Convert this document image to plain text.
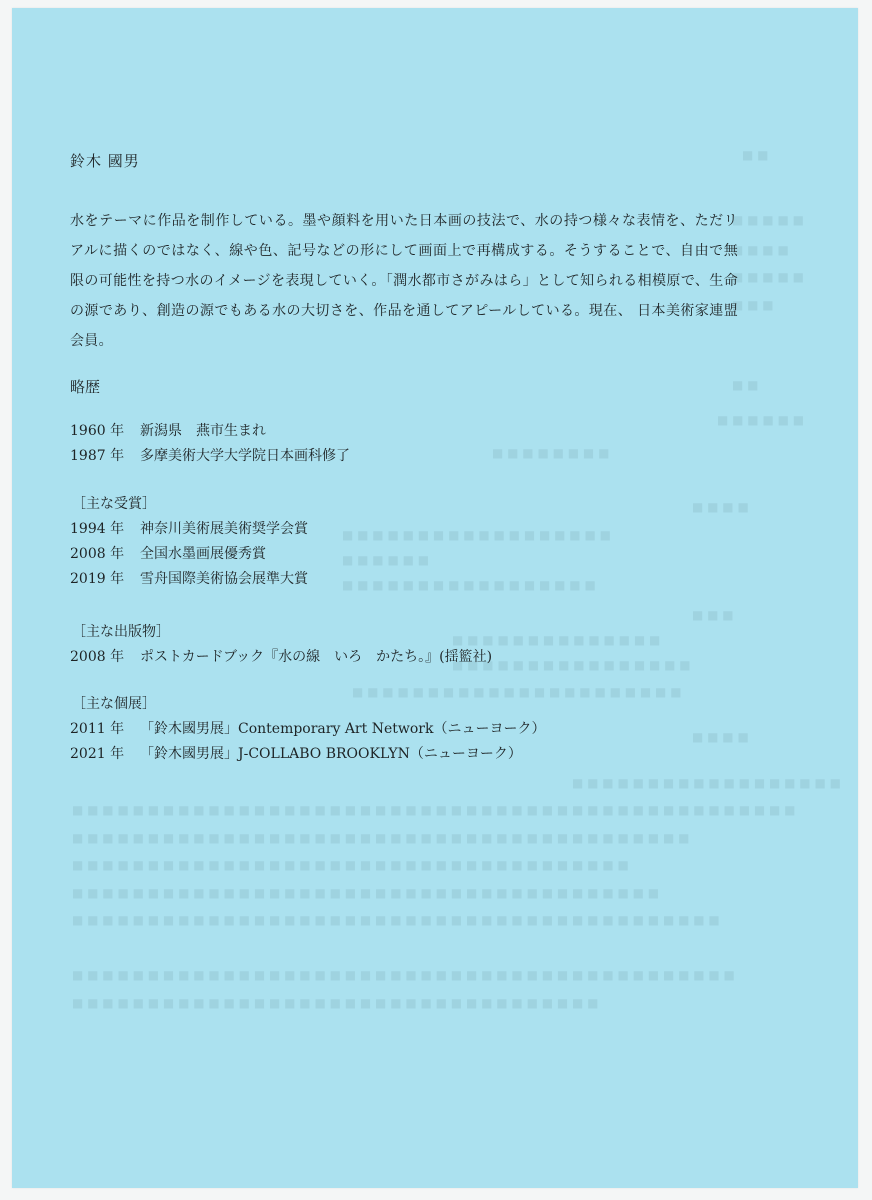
■ ■
■ ■ ■ ■ ■
■ ■ ■ ■
■ ■ ■ ■ ■
■ ■ ■
■ ■
■ ■ ■ ■ ■ ■
■ ■ ■ ■ ■ ■ ■ ■
■ ■ ■ ■
■ ■ ■ ■ ■ ■ ■ ■ ■ ■ ■ ■ ■ ■ ■ ■ ■ ■
■ ■ ■ ■ ■ ■
■ ■ ■ ■ ■ ■ ■ ■ ■ ■ ■ ■ ■ ■ ■ ■ ■
■ ■ ■
■ ■ ■ ■ ■ ■ ■ ■ ■ ■ ■ ■ ■ ■
■ ■ ■ ■ ■ ■ ■ ■ ■ ■ ■ ■ ■ ■ ■ ■
■ ■ ■ ■ ■ ■ ■ ■ ■ ■ ■ ■ ■ ■ ■ ■ ■ ■ ■ ■ ■ ■
■ ■ ■ ■
■ ■ ■ ■ ■ ■ ■ ■ ■ ■ ■ ■ ■ ■ ■ ■ ■ ■
■ ■ ■ ■ ■ ■ ■ ■ ■ ■ ■ ■ ■ ■ ■ ■ ■ ■ ■ ■ ■ ■ ■ ■ ■ ■ ■ ■ ■ ■ ■ ■ ■ ■ ■ ■ ■ ■ ■ ■ ■ ■ ■ ■ ■ ■ ■ ■
■ ■ ■ ■ ■ ■ ■ ■ ■ ■ ■ ■ ■ ■ ■ ■ ■ ■ ■ ■ ■ ■ ■ ■ ■ ■ ■ ■ ■ ■ ■ ■ ■ ■ ■ ■ ■ ■ ■ ■ ■
■ ■ ■ ■ ■ ■ ■ ■ ■ ■ ■ ■ ■ ■ ■ ■ ■ ■ ■ ■ ■ ■ ■ ■ ■ ■ ■ ■ ■ ■ ■ ■ ■ ■ ■ ■ ■
■ ■ ■ ■ ■ ■ ■ ■ ■ ■ ■ ■ ■ ■ ■ ■ ■ ■ ■ ■ ■ ■ ■ ■ ■ ■ ■ ■ ■ ■ ■ ■ ■ ■ ■ ■ ■ ■ ■
■ ■ ■ ■ ■ ■ ■ ■ ■ ■ ■ ■ ■ ■ ■ ■ ■ ■ ■ ■ ■ ■ ■ ■ ■ ■ ■ ■ ■ ■ ■ ■ ■ ■ ■ ■ ■ ■ ■ ■ ■ ■ ■
■ ■ ■ ■ ■ ■ ■ ■ ■ ■ ■ ■ ■ ■ ■ ■ ■ ■ ■ ■ ■ ■ ■ ■ ■ ■ ■ ■ ■ ■ ■ ■ ■ ■ ■ ■ ■ ■ ■ ■ ■ ■ ■ ■
■ ■ ■ ■ ■ ■ ■ ■ ■ ■ ■ ■ ■ ■ ■ ■ ■ ■ ■ ■ ■ ■ ■ ■ ■ ■ ■ ■ ■ ■ ■ ■ ■ ■ ■
鈴木 國男
水をテーマに作品を制作している。墨や顔料を用いた日本画の技法で、水の持つ様々な表情を、ただリアルに描くのではなく、線や色、記号などの形にして画面上で再構成する。そうすることで、自由で無限の可能性を持つ水のイメージを表現していく。「潤水都市さがみはら」として知られる相模原で、生命の源であり、創造の源でもある水の大切さを、作品を通してアピールしている。現在、 日本美術家連盟会員。
略歴
1960 年 新潟県　燕市生まれ
1987 年 多摩美術大学大学院日本画科修了
［主な受賞］
1994 年 神奈川美術展美術奨学会賞
2008 年 全国水墨画展優秀賞
2019 年 雪舟国際美術協会展準大賞
［主な出版物］
2008 年 ポストカードブック『水の線　いろ　かたち。』(揺籃社)
［主な個展］
2011 年 「鈴木國男展」Contemporary Art Network（ニューヨーク）
2021 年 「鈴木國男展」J-COLLABO BROOKLYN（ニューヨーク）
